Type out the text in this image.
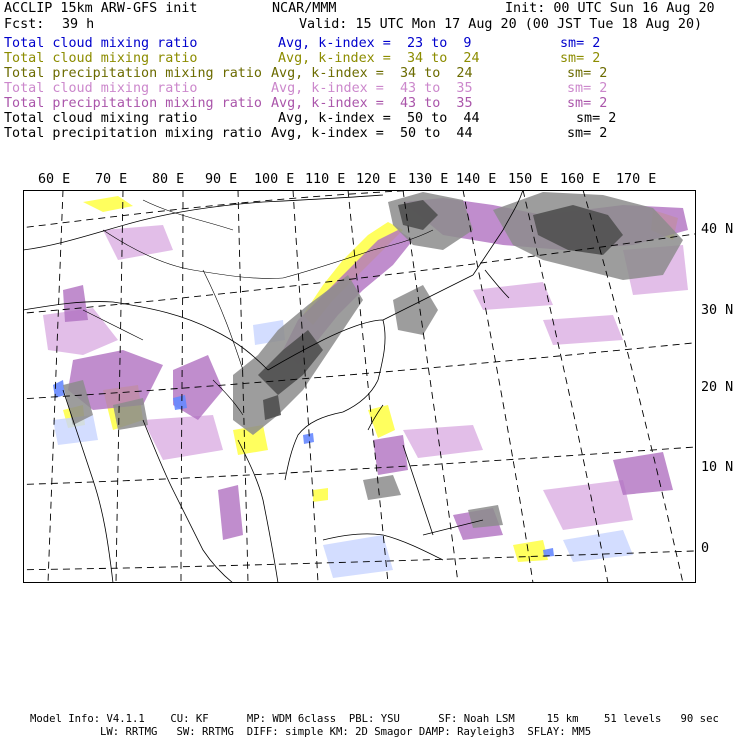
ACCLIP 15km ARW-GFS init	NCAR/MMM	Init: 00 UTC Sun 16 Aug 20
Fcst: 39 h	Valid: 15 UTC Mon 17 Aug 20 (00 JST Tue 18 Aug 20)
Total cloud mixing ratio	Avg, k-index =  23 to  9	sm= 2
Total cloud mixing ratio	Avg, k-index =  34 to  24	sm= 2
Total precipitation mixing ratio Avg, k-index =  34 to  24	sm= 2
Total cloud mixing ratio	Avg, k-index =  43 to  35	sm= 2
Total precipitation mixing ratio Avg, k-index =  43 to  35	sm= 2
Total cloud mixing ratio	Avg, k-index =  50 to  44	sm= 2
Total precipitation mixing ratio Avg, k-index =  50 to  44	sm= 2
60 E 70 E 80 E 90 E 100 E 110 E 120 E 130 E 140 E 150 E 160 E 170 E
40 N
30 N
20 N
10 N
0
Model Info: V4.1.1    CU: KF      MP: WDM 6class  PBL: YSU      SF: Noah LSM     15 km    51 levels   90 sec
LW: RRTMG   SW: RRTMG  DIFF: simple KM: 2D Smagor DAMP: Rayleigh3  SFLAY: MM5
